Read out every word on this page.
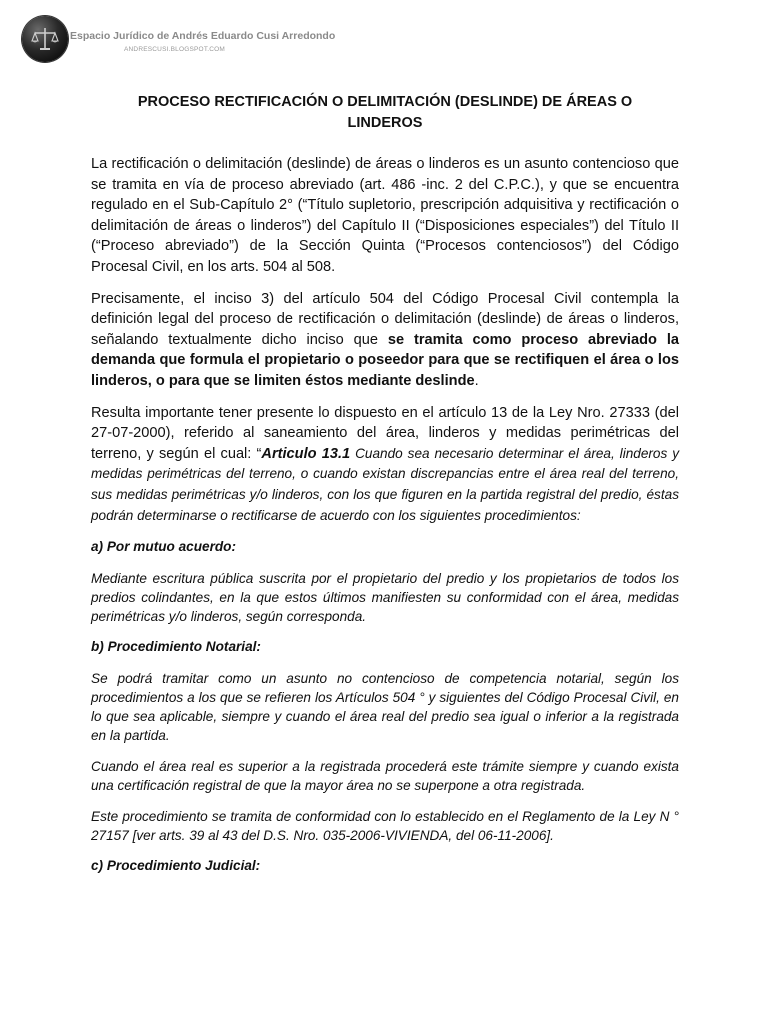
Espacio Jurídico de Andrés Eduardo Cusi Arredondo
ANDRESCUSI.BLOGSPOT.COM
PROCESO RECTIFICACIÓN O DELIMITACIÓN (DESLINDE) DE ÁREAS O LINDEROS

La rectificación o delimitación (deslinde) de áreas o linderos es un asunto contencioso que se tramita en vía de proceso abreviado (art. 486 -inc. 2 del C.P.C.), y que se encuentra regulado en el Sub-Capítulo 2° (“Título supletorio, prescripción adquisitiva y rectificación o delimitación de áreas o linderos”) del Capítulo II (“Disposiciones especiales”) del Título II (“Proceso abreviado”) de la Sección Quinta (“Procesos contenciosos”) del Código Procesal Civil, en los arts. 504 al 508.

Precisamente, el inciso 3) del artículo 504 del Código Procesal Civil contempla la definición legal del proceso de rectificación o delimitación (deslinde) de áreas o linderos, señalando textualmente dicho inciso que se tramita como proceso abreviado la demanda que formula el propietario o poseedor para que se rectifiquen el área o los linderos, o para que se limiten éstos mediante deslinde.

Resulta importante tener presente lo dispuesto en el artículo 13 de la Ley Nro. 27333 (del 27-07-2000), referido al saneamiento del área, linderos y medidas perimétricas del terreno, y según el cual: “Articulo 13.1 Cuando sea necesario determinar el área, linderos y medidas perimétricas del terreno, o cuando existan discrepancias entre el área real del terreno, sus medidas perimétricas y/o linderos, con los que figuren en la partida registral del predio, éstas podrán determinarse o rectificarse de acuerdo con los siguientes procedimientos:

a) Por mutuo acuerdo:

Mediante escritura pública suscrita por el propietario del predio y los propietarios de todos los predios colindantes, en la que estos últimos manifiesten su conformidad con el área, medidas perimétricas y/o linderos, según corresponda.

b) Procedimiento Notarial:

Se podrá tramitar como un asunto no contencioso de competencia notarial, según los procedimientos a los que se refieren los Artículos 504 ° y siguientes del Código Procesal Civil, en lo que sea aplicable, siempre y cuando el área real del predio sea igual o inferior a la registrada en la partida.

Cuando el área real es superior a la registrada procederá este trámite siempre y cuando exista una certificación registral de que la mayor área no se superpone a otra registrada.

Este procedimiento se tramita de conformidad con lo establecido en el Reglamento de la Ley N ° 27157 [ver arts. 39 al 43 del D.S. Nro. 035-2006-VIVIENDA, del 06-11-2006].

c) Procedimiento Judicial:
